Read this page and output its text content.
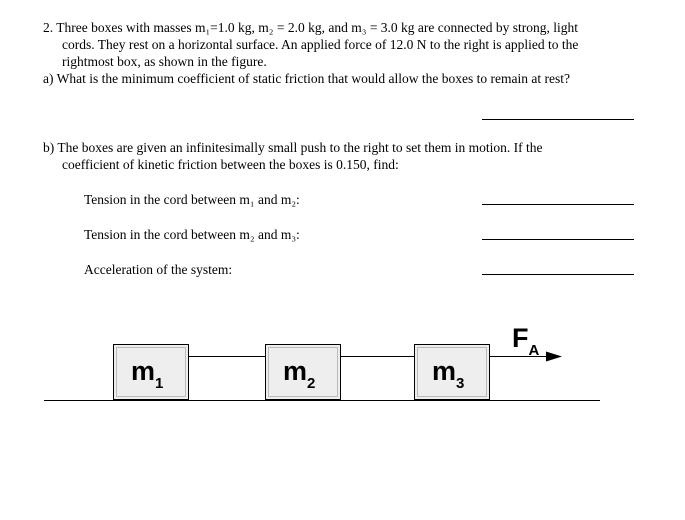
2. Three boxes with masses m₁=1.0 kg, m₂ = 2.0 kg, and m₃ = 3.0 kg are connected by strong, light
cords. They rest on a horizontal surface. An applied force of 12.0 N to the right is applied to the
rightmost box, as shown in the figure.
a) What is the minimum coefficient of static friction that would allow the boxes to remain at rest?
b) The boxes are given an infinitesimally small push to the right to set them in motion. If the
coefficient of kinetic friction between the boxes is 0.150, find:
Tension in the cord between m₁ and m₂:
Tension in the cord between m₂ and m₃:
Acceleration of the system:
$m_1$	$m_2$	$m_3$
$F_A$
